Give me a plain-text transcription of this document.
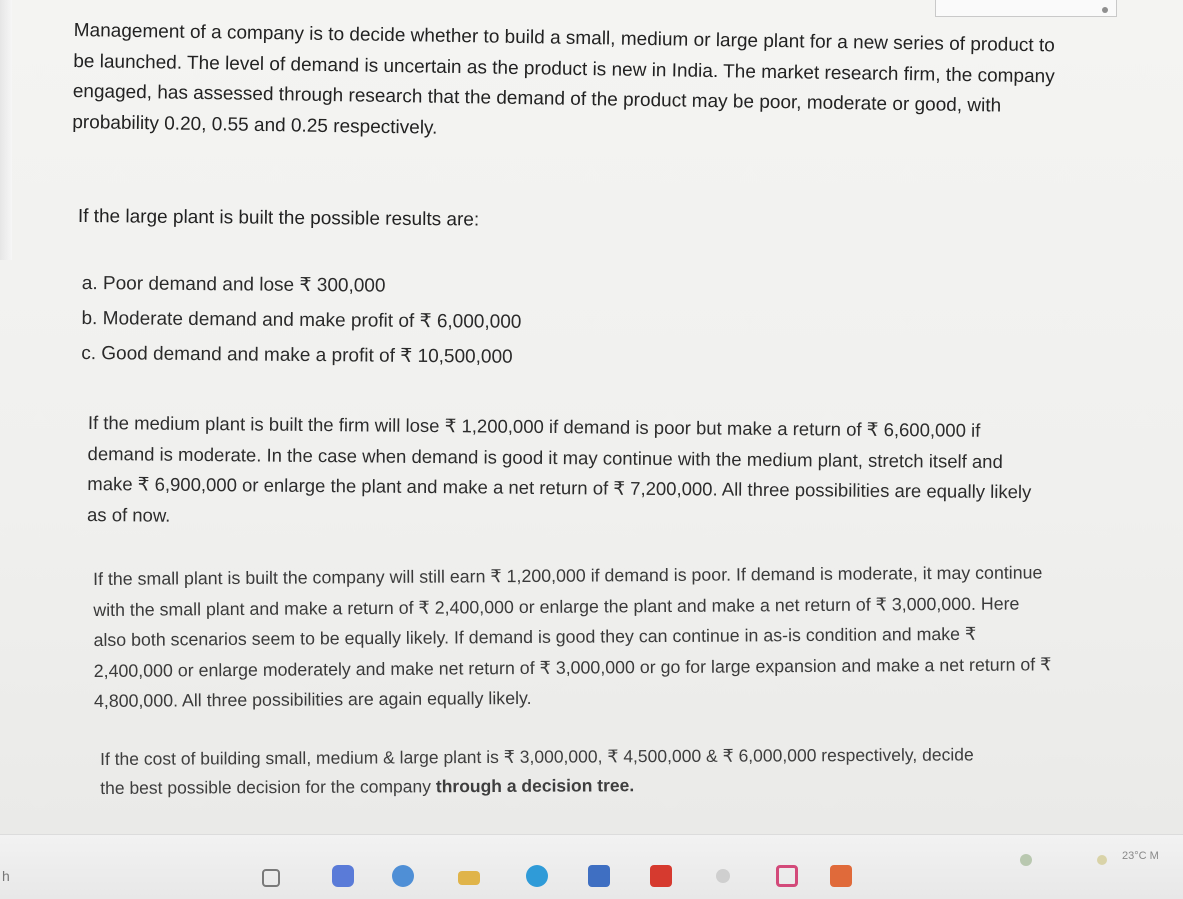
Management of a company is to decide whether to build a small, medium or large plant for a new series of product to be launched. The level of demand is uncertain as the product is new in India. The market research firm, the company engaged, has assessed through research that the demand of the product may be poor, moderate or good, with probability 0.20, 0.55 and 0.25 respectively.

If the large plant is built the possible results are:

a. Poor demand and lose ₹ 300,000
b. Moderate demand and make profit of ₹ 6,000,000
c. Good demand and make a profit of ₹ 10,500,000

If the medium plant is built the firm will lose ₹ 1,200,000 if demand is poor but make a return of ₹ 6,600,000 if demand is moderate. In the case when demand is good it may continue with the medium plant, stretch itself and make ₹ 6,900,000 or enlarge the plant and make a net return of ₹ 7,200,000. All three possibilities are equally likely as of now.

If the small plant is built the company will still earn ₹ 1,200,000 if demand is poor. If demand is moderate, it may continue with the small plant and make a return of ₹ 2,400,000 or enlarge the plant and make a net return of ₹ 3,000,000. Here also both scenarios seem to be equally likely. If demand is good they can continue in as-is condition and make ₹ 2,400,000 or enlarge moderately and make net return of ₹ 3,000,000 or go for large expansion and make a net return of ₹ 4,800,000. All three possibilities are again equally likely.

If the cost of building small, medium & large plant is ₹ 3,000,000, ₹ 4,500,000 & ₹ 6,000,000 respectively, decide the best possible decision for the company through a decision tree.

23°C M
h
